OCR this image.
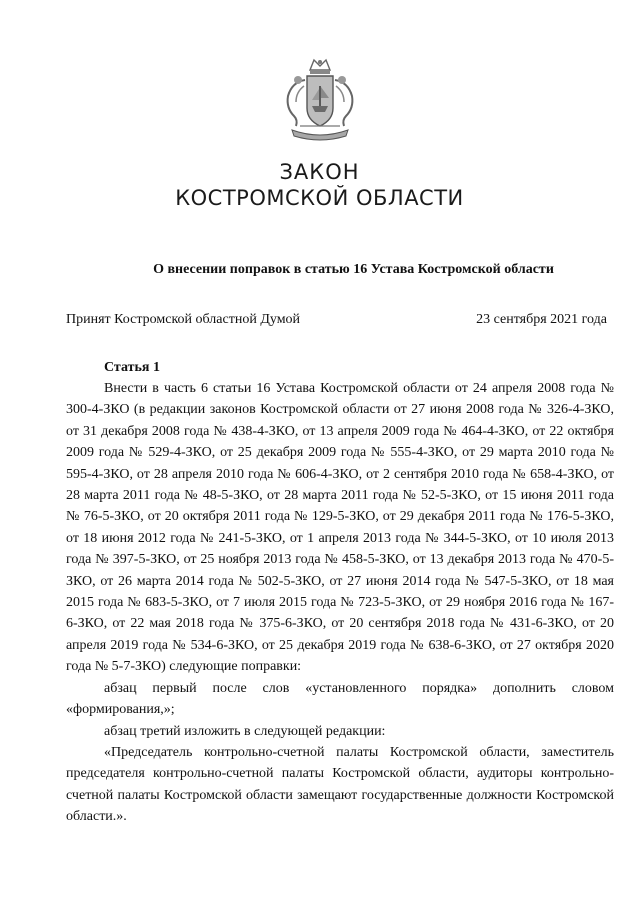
ЗАКОН
КОСТРОМСКОЙ ОБЛАСТИ
О внесении поправок в статью 16 Устава Костромской области
Принят Костромской областной Думой	23 сентября 2021 года
Статья 1

Внести в часть 6 статьи 16 Устава Костромской области от 24 апреля 2008 года № 300-4-ЗКО (в редакции законов Костромской области от 27 июня 2008 года № 326-4-ЗКО, от 31 декабря 2008 года № 438-4-ЗКО, от 13 апреля 2009 года № 464-4-ЗКО, от 22 октября 2009 года № 529-4-ЗКО, от 25 декабря 2009 года № 555-4-ЗКО, от 29 марта 2010 года № 595-4-ЗКО, от 28 апреля 2010 года № 606-4-ЗКО, от 2 сентября 2010 года № 658-4-ЗКО, от 28 марта 2011 года № 48-5-ЗКО, от 28 марта 2011 года № 52-5-ЗКО, от 15 июня 2011 года № 76-5-ЗКО, от 20 октября 2011 года № 129-5-ЗКО, от 29 декабря 2011 года № 176-5-ЗКО, от 18 июня 2012 года № 241-5-ЗКО, от 1 апреля 2013 года № 344-5-ЗКО, от 10 июля 2013 года № 397-5-ЗКО, от 25 ноября 2013 года № 458-5-ЗКО, от 13 декабря 2013 года № 470-5-ЗКО, от 26 марта 2014 года № 502-5-ЗКО, от 27 июня 2014 года № 547-5-ЗКО, от 18 мая 2015 года № 683-5-ЗКО, от 7 июля 2015 года № 723-5-ЗКО, от 29 ноября 2016 года № 167-6-ЗКО, от 22 мая 2018 года № 375-6-ЗКО, от 20 сентября 2018 года № 431-6-ЗКО, от 20 апреля 2019 года № 534-6-ЗКО, от 25 декабря 2019 года № 638-6-ЗКО, от 27 октября 2020 года № 5-7-ЗКО) следующие поправки:

абзац первый после слов «установленного порядка» дополнить словом «формирования,»;

абзац третий изложить в следующей редакции:

«Председатель контрольно-счетной палаты Костромской области, заместитель председателя контрольно-счетной палаты Костромской области, аудиторы контрольно-счетной палаты Костромской области замещают государственные должности Костромской области.».
